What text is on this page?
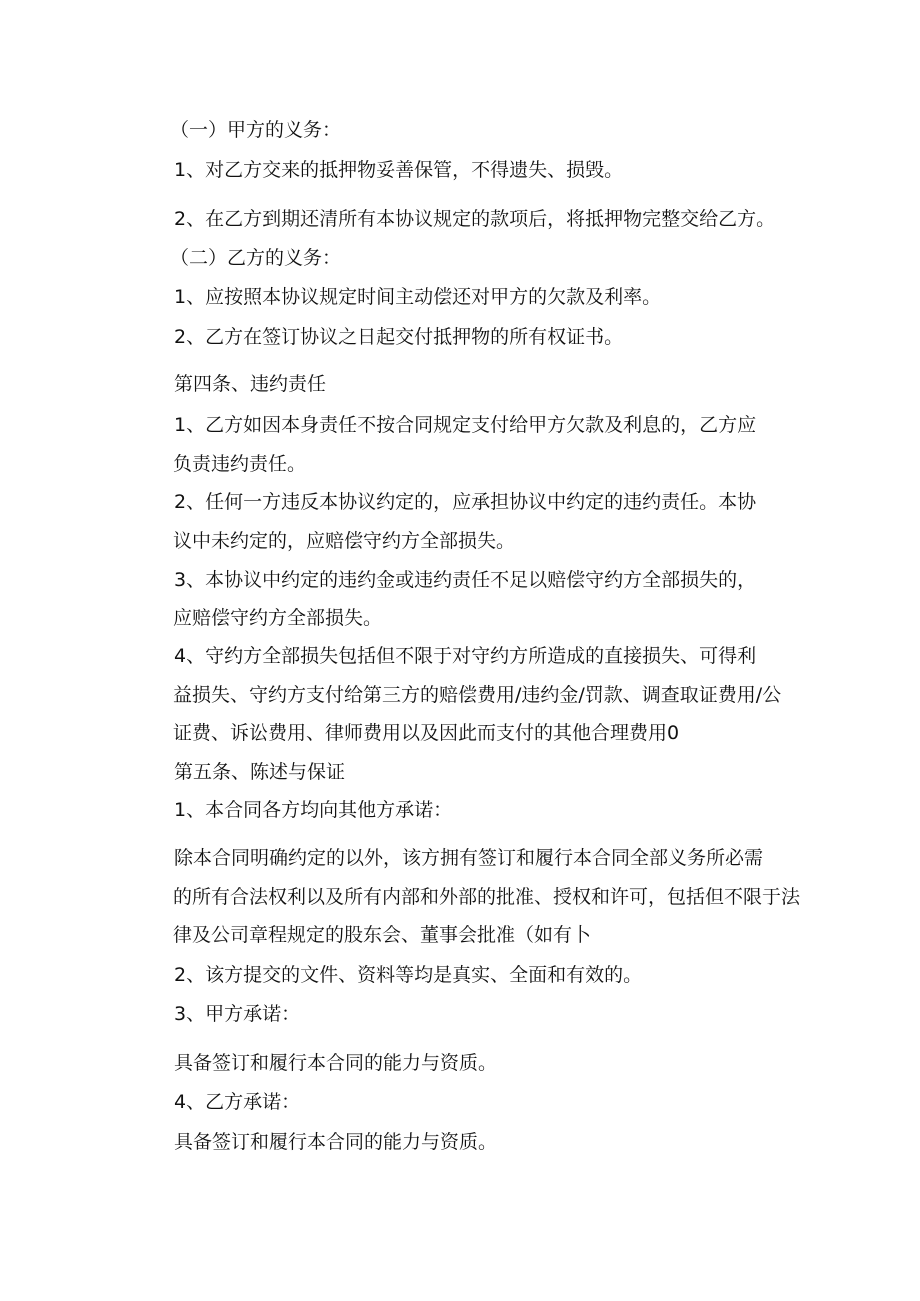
（一）甲方的义务：
1、对乙方交来的抵押物妥善保管，不得遗失、损毁。
2、在乙方到期还清所有本协议规定的款项后，将抵押物完整交给乙方。
（二）乙方的义务：
1、应按照本协议规定时间主动偿还对甲方的欠款及利率。
2、乙方在签订协议之日起交付抵押物的所有权证书。
第四条、违约责任
1、乙方如因本身责任不按合同规定支付给甲方欠款及利息的，乙方应
负责违约责任。
2、任何一方违反本协议约定的，应承担协议中约定的违约责任。本协
议中未约定的，应赔偿守约方全部损失。
3、本协议中约定的违约金或违约责任不足以赔偿守约方全部损失的，
应赔偿守约方全部损失。
4、守约方全部损失包括但不限于对守约方所造成的直接损失、可得利
益损失、守约方支付给第三方的赔偿费用/违约金/罚款、调查取证费用/公
证费、诉讼费用、律师费用以及因此而支付的其他合理费用0
第五条、陈述与保证
1、本合同各方均向其他方承诺：
除本合同明确约定的以外，该方拥有签订和履行本合同全部义务所必需
的所有合法权利以及所有内部和外部的批准、授权和许可，包括但不限于法
律及公司章程规定的股东会、董事会批准（如有卜
2、该方提交的文件、资料等均是真实、全面和有效的。
3、甲方承诺：
具备签订和履行本合同的能力与资质。
4、乙方承诺：
具备签订和履行本合同的能力与资质。
